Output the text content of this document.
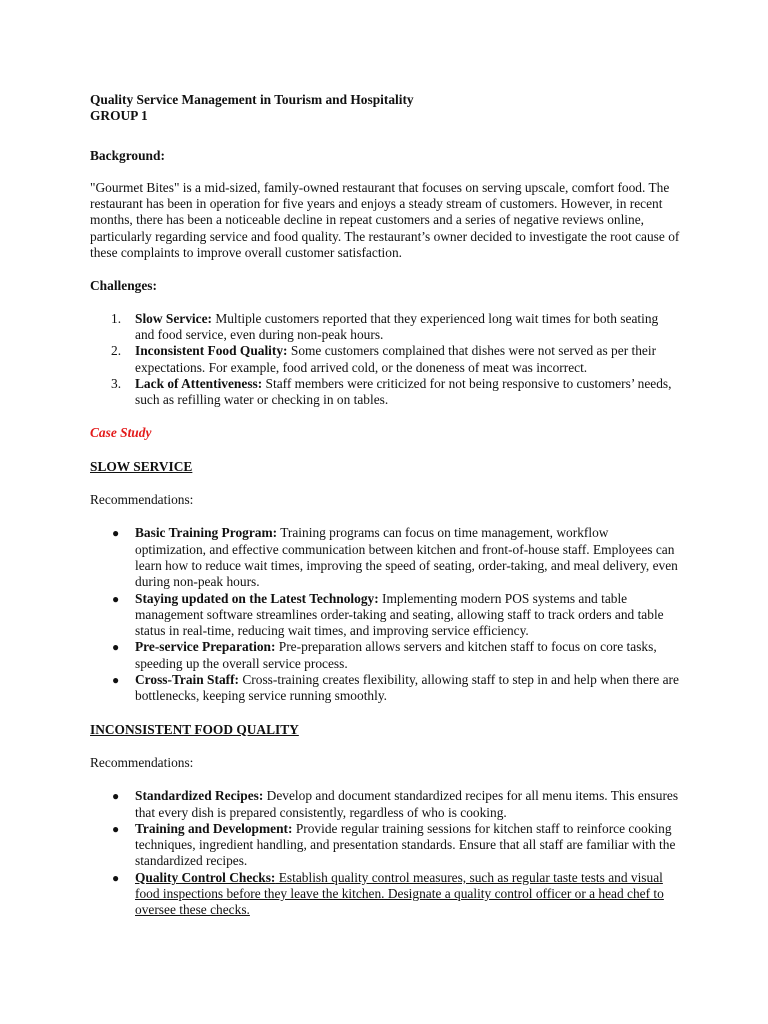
Quality Service Management in Tourism and Hospitality

GROUP 1

Background:

"Gourmet Bites" is a mid-sized, family-owned restaurant that focuses on serving upscale, comfort food. The restaurant has been in operation for five years and enjoys a steady stream of customers. However, in recent months, there has been a noticeable decline in repeat customers and a series of negative reviews online, particularly regarding service and food quality. The restaurant’s owner decided to investigate the root cause of these complaints to improve overall customer satisfaction.

Challenges:

1. Slow Service: Multiple customers reported that they experienced long wait times for both seating and food service, even during non-peak hours.
2. Inconsistent Food Quality: Some customers complained that dishes were not served as per their expectations. For example, food arrived cold, or the doneness of meat was incorrect.
3. Lack of Attentiveness: Staff members were criticized for not being responsive to customers’ needs, such as refilling water or checking in on tables.

Case Study

SLOW SERVICE

Recommendations:

● Basic Training Program: Training programs can focus on time management, workflow optimization, and effective communication between kitchen and front-of-house staff. Employees can learn how to reduce wait times, improving the speed of seating, order-taking, and meal delivery, even during non-peak hours.
● Staying updated on the Latest Technology: Implementing modern POS systems and table management software streamlines order-taking and seating, allowing staff to track orders and table status in real-time, reducing wait times, and improving service efficiency.
● Pre-service Preparation: Pre-preparation allows servers and kitchen staff to focus on core tasks, speeding up the overall service process.
● Cross-Train Staff: Cross-training creates flexibility, allowing staff to step in and help when there are bottlenecks, keeping service running smoothly.

INCONSISTENT FOOD QUALITY

Recommendations:

● Standardized Recipes: Develop and document standardized recipes for all menu items. This ensures that every dish is prepared consistently, regardless of who is cooking.
● Training and Development: Provide regular training sessions for kitchen staff to reinforce cooking techniques, ingredient handling, and presentation standards. Ensure that all staff are familiar with the standardized recipes.
● Quality Control Checks: Establish quality control measures, such as regular taste tests and visual food inspections before they leave the kitchen. Designate a quality control officer or a head chef to oversee these checks.
